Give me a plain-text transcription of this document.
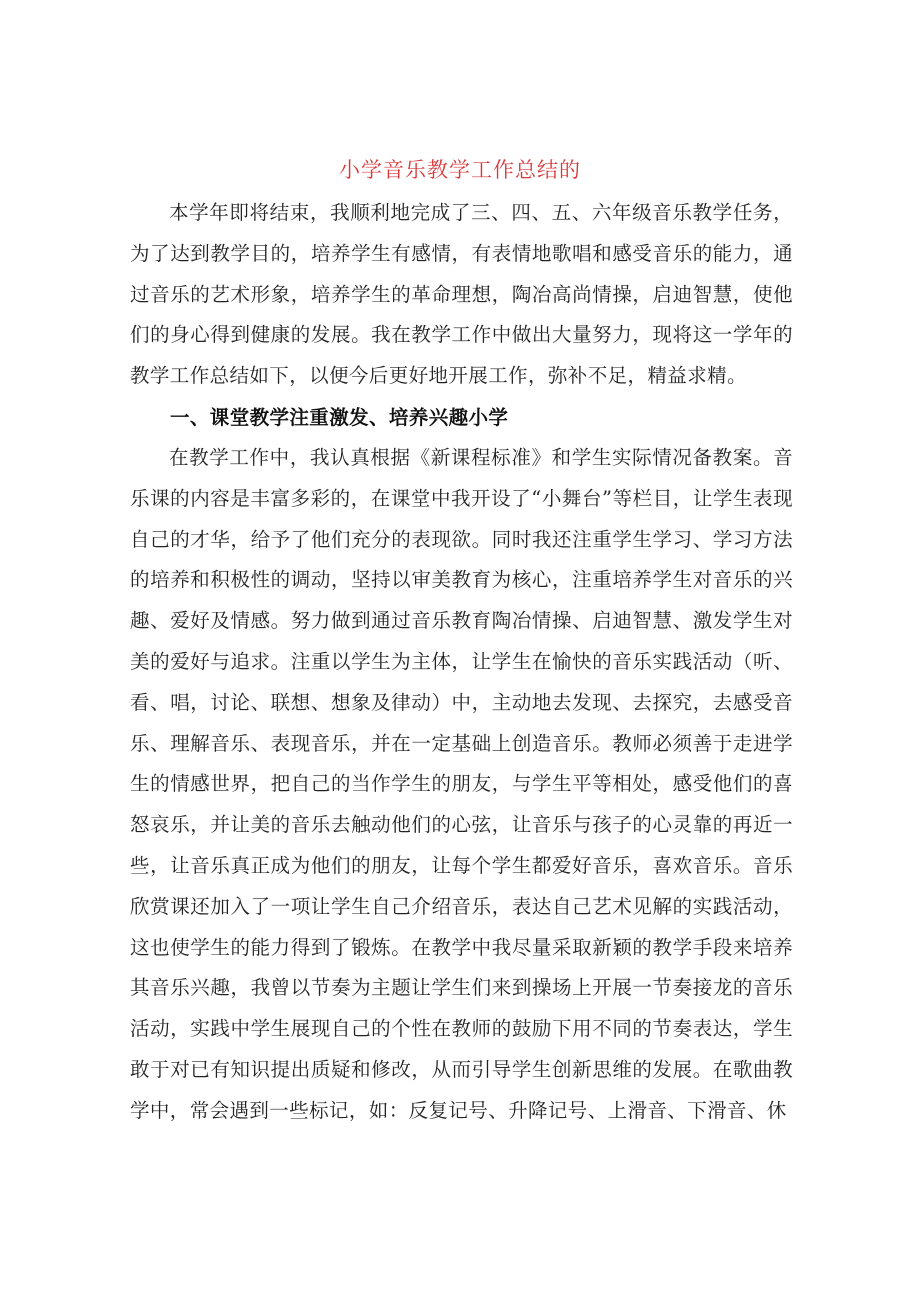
小学音乐教学工作总结的

本学年即将结束，我顺利地完成了三、四、五、六年级音乐教学任务，为了达到教学目的，培养学生有感情，有表情地歌唱和感受音乐的能力，通过音乐的艺术形象，培养学生的革命理想，陶冶高尚情操，启迪智慧，使他们的身心得到健康的发展。我在教学工作中做出大量努力，现将这一学年的教学工作总结如下，以便今后更好地开展工作，弥补不足，精益求精。

一、课堂教学注重激发、培养兴趣小学

在教学工作中，我认真根据《新课程标准》和学生实际情况备教案。音乐课的内容是丰富多彩的，在课堂中我开设了“小舞台”等栏目，让学生表现自己的才华，给予了他们充分的表现欲。同时我还注重学生学习、学习方法的培养和积极性的调动，坚持以审美教育为核心，注重培养学生对音乐的兴趣、爱好及情感。努力做到通过音乐教育陶冶情操、启迪智慧、激发学生对美的爱好与追求。注重以学生为主体，让学生在愉快的音乐实践活动（听、看、唱，讨论、联想、想象及律动）中，主动地去发现、去探究，去感受音乐、理解音乐、表现音乐，并在一定基础上创造音乐。教师必须善于走进学生的情感世界，把自己的当作学生的朋友，与学生平等相处，感受他们的喜怒哀乐，并让美的音乐去触动他们的心弦，让音乐与孩子的心灵靠的再近一些，让音乐真正成为他们的朋友，让每个学生都爱好音乐，喜欢音乐。音乐欣赏课还加入了一项让学生自己介绍音乐，表达自己艺术见解的实践活动，这也使学生的能力得到了锻炼。在教学中我尽量采取新颖的教学手段来培养其音乐兴趣，我曾以节奏为主题让学生们来到操场上开展一节奏接龙的音乐活动，实践中学生展现自己的个性在教师的鼓励下用不同的节奏表达，学生敢于对已有知识提出质疑和修改，从而引导学生创新思维的发展。在歌曲教学中，常会遇到一些标记，如：反复记号、升降记号、上滑音、下滑音、休
